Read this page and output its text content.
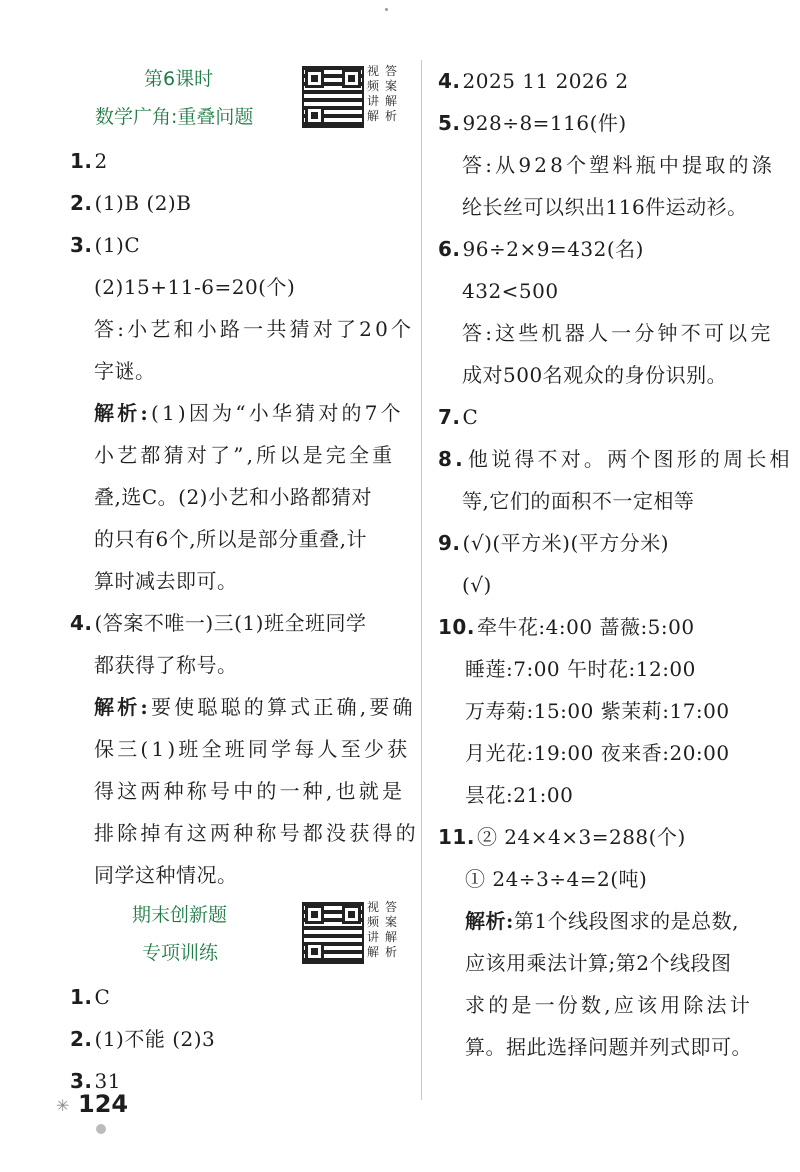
第6课时
数学广角:重叠问题
视
频
讲
解
答
案
解
析
1. 2
2. (1)B (2)B
3. (1)C
(2)15+11-6=20(个)
答:小艺和小路一共猜对了20个
字谜。
解析:(1)因为“小华猜对的7个
小艺都猜对了”,所以是完全重
叠,选C。(2)小艺和小路都猜对
的只有6个,所以是部分重叠,计
算时减去即可。
4. (答案不唯一)三(1)班全班同学
都获得了称号。
解析:要使聪聪的算式正确,要确
保三(1)班全班同学每人至少获
得这两种称号中的一种,也就是
排除掉有这两种称号都没获得的
同学这种情况。
期末创新题
专项训练
视
频
讲
解
答
案
解
析
1. C
2. (1)不能 (2)3
3. 31
4. 2025 11 2026 2
5. 928÷8=116(件)
答:从928个塑料瓶中提取的涤
纶长丝可以织出116件运动衫。
6. 96÷2×9=432(名)
432<500
答:这些机器人一分钟不可以完
成对500名观众的身份识别。
7. C
8. 他说得不对。两个图形的周长相
等,它们的面积不一定相等
9. (√)(平方米)(平方分米)
(√)
10. 牵牛花:4:00 蔷薇:5:00
睡莲:7:00 午时花:12:00
万寿菊:15:00 紫茉莉:17:00
月光花:19:00 夜来香:20:00
昙花:21:00
11. ② 24×4×3=288(个)
① 24÷3÷4=2(吨)
解析:第1个线段图求的是总数,
应该用乘法计算;第2个线段图
求的是一份数,应该用除法计
算。据此选择问题并列式即可。
✳ 124
